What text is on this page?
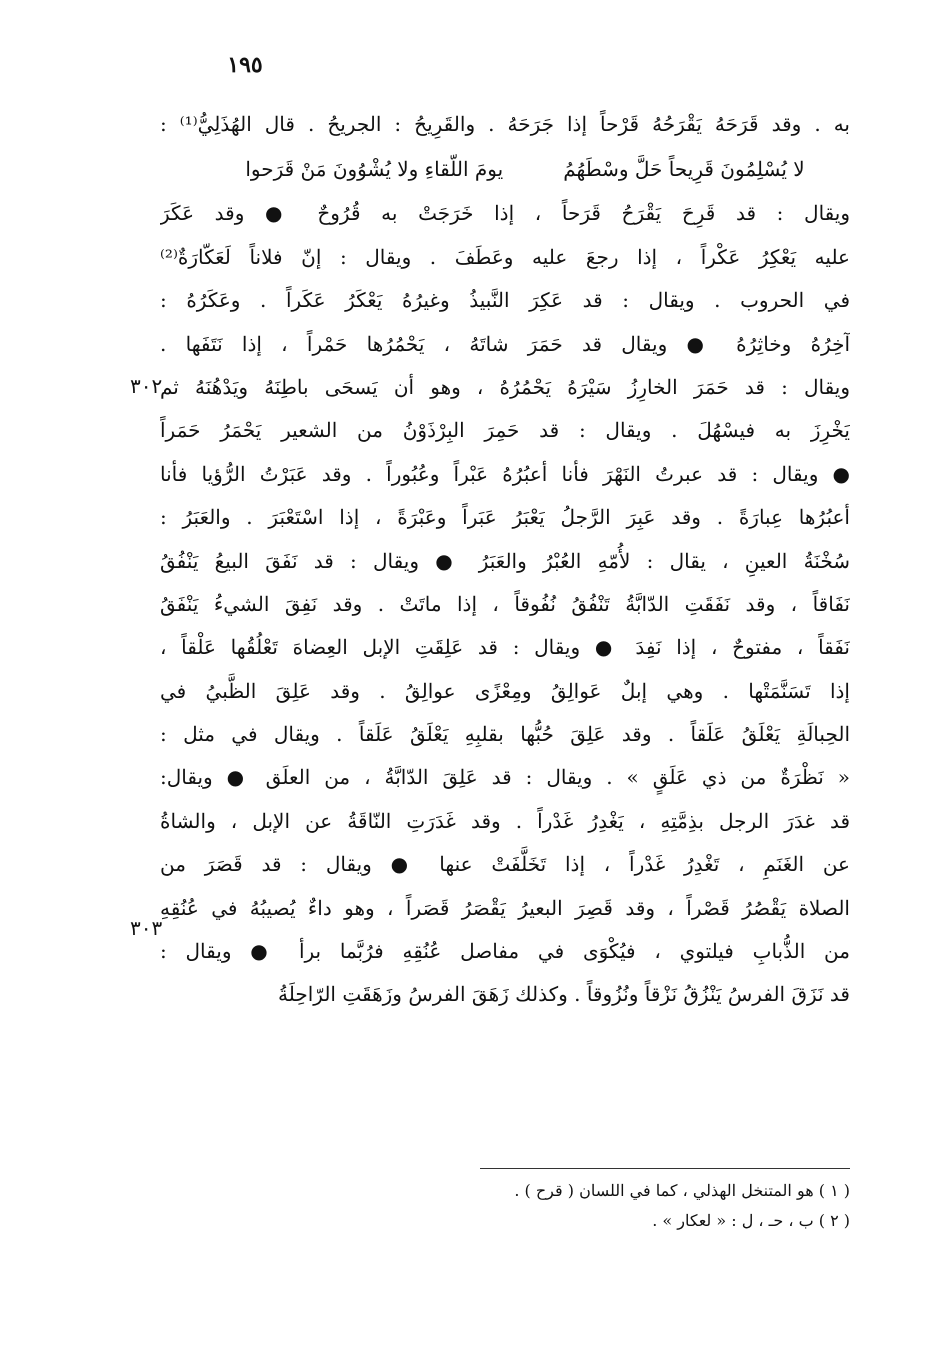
١٩٥
به . وقد قَرَحَهُ يَقْرَحُهُ قَرْحاً إذا جَرَحَهُ . والقَرِيحُ : الجريحُ . قال الهُذَلِيُّ⁽¹⁾ :
لا يُسْلِمُونَ قَرِيحاً حَلَّ وسْطَهُمُ
يومَ اللّقاءِ ولا يُشْوُونَ مَنْ قَرَحوا
ويقال : قد قَرِحَ يَقْرَحُ قَرَحاً ، إذا خَرَجَتْ به قُرُوحٌ ● وقد عَكَرَ
عليه يَعْكِرُ عَكْراً ، إذا رجعَ عليه وعَطَفَ . ويقال : إنّ فلاناً لَعَكّارَةٌ⁽²⁾
في الحروب . ويقال : قد عَكِرَ النَّبيذُ وغيرُهُ يَعْكَرُ عَكَراً . وعَكَرُهُ :
آخِرُهُ وخاثِرُهُ ● ويقال قد حَمَرَ شاتَهُ ، يَحْمُرُها حَمْراً ، إذا نَتَفَها .
ويقال : قد حَمَرَ الخارِزُ سَيْرَهُ يَحْمُرُهُ ، وهو أن يَسحَى باطِنَهُ ويَدْهُنَهُ ثم
يَخْرِزَ به فيسْهُلَ . ويقال : قد حَمِرَ البِرْذَوْنُ من الشعير يَحْمَرُ حَمَراً
● ويقال : قد عبرتُ النَهْرَ فأنا أعبُرُهُ عَبْراً وعُبُوراً . وقد عَبَرْتُ الرُّؤيا فأنا
أعبُرُها عِبارَةً . وقد عَبِرَ الرَّجلُ يَعْبَرُ عَبَراً وعَبْرَةً ، إذا اسْتَعْبَرَ . والعَبَرُ :
سُخْنَةُ العينِ ، يقال : لأُمّهِ العُبْرُ والعَبَرُ ● ويقال : قد نَفَقَ البيعُ يَنْفُقُ
نَفَاقاً ، وقد نَفَقَتِ الدّابَّةُ تَنْفُقُ نُفُوقاً ، إذا ماتَتْ . وقد نَفِقَ الشيءُ يَنْفَقُ
نَفَقاً ، مفتوحٌ ، إذا نَفِدَ ● ويقال : قد عَلِقَتِ الإبل العِضاهَ تَعْلُقُها عَلْقاً ،
إذا تَسَنَّمَتْها . وهي إبلٌ عَوالِقُ ومِعْزًى عوالِقُ . وقد عَلِقَ الظَّبيُ في
الحِبالَةِ يَعْلَقُ عَلَقاً . وقد عَلِقَ حُبُّها بقلبِهِ يَعْلَقُ عَلَقاً . ويقال في مثل :
« نَظْرَةٌ من ذي عَلَقٍ » . ويقال : قد عَلِقَ الدّابَّةُ ، من العلَق ● ويقال:
قد غدَرَ الرجل بذِمَّتِهِ ، يَغْدِرُ غَدْراً . وقد غَدَرَتِ النّاقَةُ عن الإبل ، والشاةُ
عن الغَنَمِ ، تَغْدِرُ غَدْراً ، إذا تَخَلَّفَتْ عنها ● ويقال : قد قَصَرَ من
الصلاة يَقْصُرُ قَصْراً ، وقد قَصِرَ البعيرُ يَقْصَرُ قَصَراً ، وهو داءٌ يُصيبُهُ في عُنُقِهِ
من الذُّبابِ فيلتوي ، فيُكْوَى في مفاصل عُنُقِهِ فرُبَّما برأ ● ويقال :
قد نَزَقَ الفرسُ يَنْزُقُ نَزْقاً ونُزُوقاً . وكذلك زَهَقَ الفرسُ وزَهَقَتِ الرّاحِلَةُ
٣٠٢
٣٠٣
( ١ ) هو المتنخل الهذلي ، كما في اللسان ( قرح ) .
( ٢ ) ب ، حـ ، ل : « لعكار » .
